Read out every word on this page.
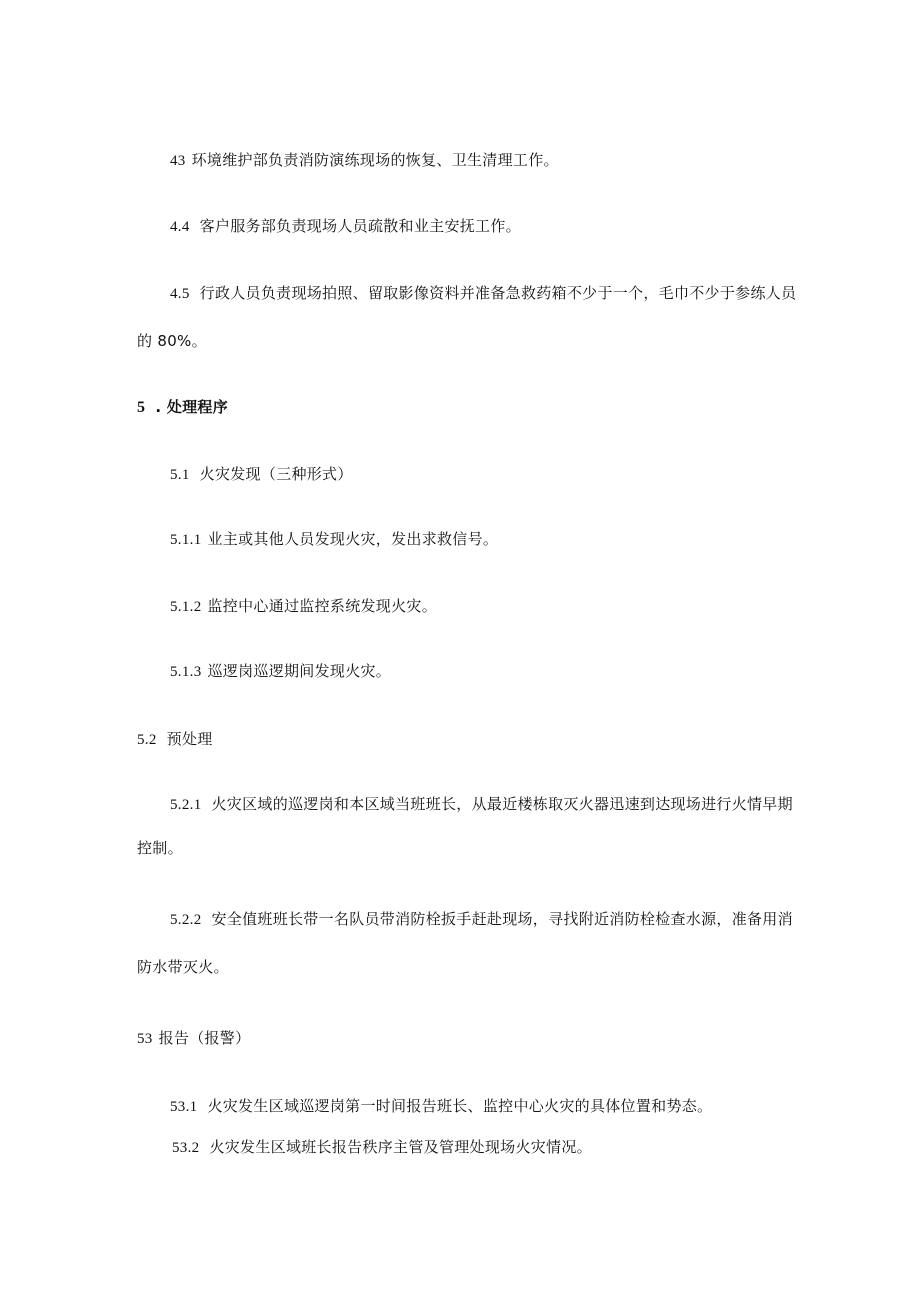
43 环境维护部负责消防演练现场的恢复、卫生清理工作。
4.4 客户服务部负责现场人员疏散和业主安抚工作。
4.5 行政人员负责现场拍照、留取影像资料并准备急救药箱不少于一个，毛巾不少于参练人员
的 80%。
5 . 处理程序
5.1 火灾发现（三种形式）
5.1.1 业主或其他人员发现火灾，发出求救信号。
5.1.2 监控中心通过监控系统发现火灾。
5.1.3 巡逻岗巡逻期间发现火灾。
5.2 预处理
5.2.1 火灾区域的巡逻岗和本区域当班班长，从最近楼栋取灭火器迅速到达现场进行火情早期
控制。
5.2.2 安全值班班长带一名队员带消防栓扳手赶赴现场，寻找附近消防栓检查水源，准备用消
防水带灭火。
53 报告（报警）
53.1 火灾发生区域巡逻岗第一时间报告班长、监控中心火灾的具体位置和势态。
53.2 火灾发生区域班长报告秩序主管及管理处现场火灾情况。
